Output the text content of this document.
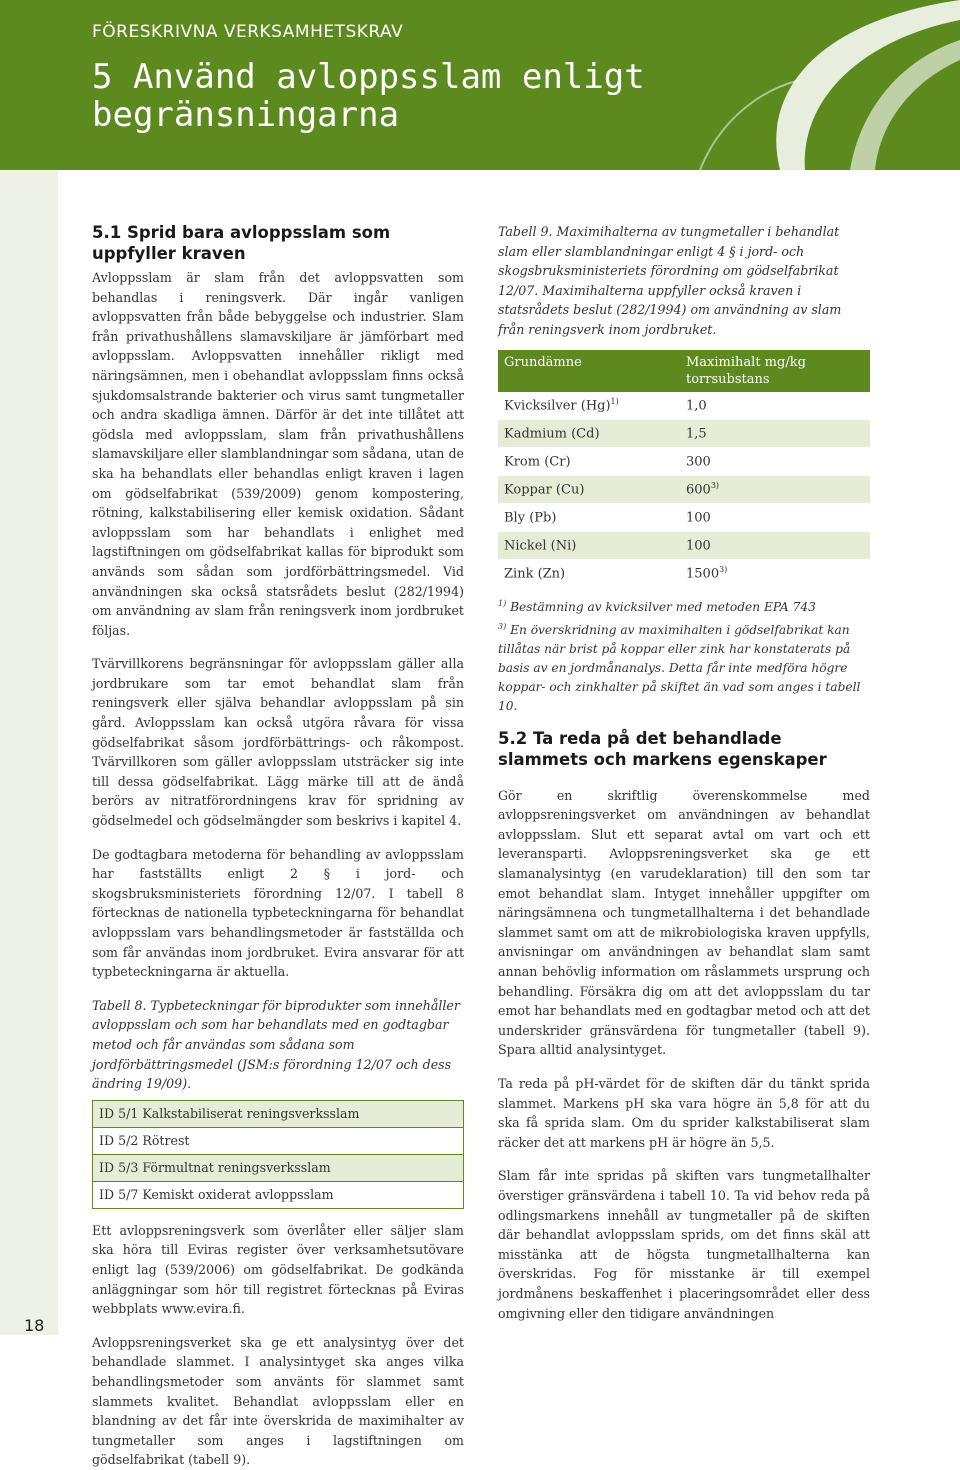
FÖRESKRIVNA VERKSAMHETSKRAV
5 Använd avloppsslam enligt begränsningarna
18
5.1 Sprid bara avloppsslam som uppfyller kraven

Avloppsslam är slam från det avloppsvatten som behandlas i reningsverk. Där ingår vanligen avloppsvatten från både bebyggelse och industrier. Slam från privathushållens slamavskiljare är jämförbart med avloppsslam. Avloppsvatten innehåller rikligt med näringsämnen, men i obehandlat avloppsslam finns också sjukdomsalstrande bakterier och virus samt tungmetaller och andra skadliga ämnen. Därför är det inte tillåtet att gödsla med avloppsslam, slam från privathushållens slamavskiljare eller slamblandningar som sådana, utan de ska ha behandlats eller behandlas enligt kraven i lagen om gödselfabrikat (539/2009) genom kompostering, rötning, kalkstabilisering eller kemisk oxidation. Sådant avloppsslam som har behandlats i enlighet med lagstiftningen om gödselfabrikat kallas för biprodukt som används som sådan som jordförbättringsmedel. Vid användningen ska också statsrådets beslut (282/1994) om användning av slam från reningsverk inom jordbruket följas.

Tvärvillkorens begränsningar för avloppsslam gäller alla jordbrukare som tar emot behandlat slam från reningsverk eller själva behandlar avloppsslam på sin gård. Avloppsslam kan också utgöra råvara för vissa gödselfabrikat såsom jordförbättrings- och råkompost. Tvärvillkoren som gäller avloppsslam utsträcker sig inte till dessa gödselfabrikat. Lägg märke till att de ändå berörs av nitratförordningens krav för spridning av gödselmedel och gödselmängder som beskrivs i kapitel 4.

De godtagbara metoderna för behandling av avloppsslam har fastställts enligt 2 § i jord- och skogsbruksministeriets förordning 12/07. I tabell 8 förtecknas de nationella typbeteckningarna för behandlat avloppsslam vars behandlingsmetoder är fastställda och som får användas inom jordbruket. Evira ansvarar för att typbeteckningarna är aktuella.

Tabell 8. Typbeteckningar för biprodukter som innehåller avloppsslam och som har behandlats med en godtagbar metod och får användas som sådana som jordförbättringsmedel (JSM:s förordning 12/07 och dess ändring 19/09).

ID 5/1 Kalkstabiliserat reningsverksslam
ID 5/2 Rötrest
ID 5/3 Förmultnat reningsverksslam
ID 5/7 Kemiskt oxiderat avloppsslam

Ett avloppsreningsverk som överlåter eller säljer slam ska höra till Eviras register över verksamhetsutövare enligt lag (539/2006) om gödselfabrikat. De godkända anläggningar som hör till registret förtecknas på Eviras webbplats www.evira.fi.

Avloppsreningsverket ska ge ett analysintyg över det behandlade slammet. I analysintyget ska anges vilka behandlingsmetoder som använts för slammet samt slammets kvalitet. Behandlat avloppsslam eller en blandning av det får inte överskrida de maximihalter av tungmetaller som anges i lagstiftningen om gödselfabrikat (tabell 9).

Tabell 9. Maximihalterna av tungmetaller i behandlat slam eller slamblandningar enligt 4 § i jord- och skogsbruksministeriets förordning om gödselfabrikat 12/07. Maximihalterna uppfyller också kraven i statsrådets beslut (282/1994) om användning av slam från reningsverk inom jordbruket.

Grundämne	Maximihalt mg/kg torrsubstans
Kvicksilver $(Hg)^{1)}$	1,0
Kadmium (Cd)	1,5
Krom (Cr)	300
Koppar (Cu)	600$^{3)}$
Bly (Pb)	100
Nickel (Ni)	100
Zink (Zn)	1500$^{3)}$

$^{1)}$ Bestämning av kvicksilver med metoden EPA 743

$^{3)}$ En överskridning av maximihalten i gödselfabrikat kan tillåtas när brist på koppar eller zink har konstaterats på basis av en jordmånanalys. Detta får inte medföra högre koppar- och zinkhalter på skiftet än vad som anges i tabell 10.

5.2 Ta reda på det behandlade slammets och markens egenskaper

Gör en skriftlig överenskommelse med avloppsreningsverket om användningen av behandlat avloppsslam. Slut ett separat avtal om vart och ett leveransparti. Avloppsreningsverket ska ge ett slamanalysintyg (en varudeklaration) till den som tar emot behandlat slam. Intyget innehåller uppgifter om näringsämnena och tungmetallhalterna i det behandlade slammet samt om att de mikrobiologiska kraven uppfylls, anvisningar om användningen av behandlat slam samt annan behövlig information om råslammets ursprung och behandling. Försäkra dig om att det avloppsslam du tar emot har behandlats med en godtagbar metod och att det underskrider gränsvärdena för tungmetaller (tabell 9). Spara alltid analysintyget.

Ta reda på pH-värdet för de skiften där du tänkt sprida slammet. Markens pH ska vara högre än 5,8 för att du ska få sprida slam. Om du sprider kalkstabiliserat slam räcker det att markens pH är högre än 5,5.

Slam får inte spridas på skiften vars tungmetallhalter överstiger gränsvärdena i tabell 10. Ta vid behov reda på odlingsmarkens innehåll av tungmetaller på de skiften där behandlat avloppsslam sprids, om det finns skäl att misstänka att de högsta tungmetallhalterna kan överskridas. Fog för misstanke är till exempel jordmånens beskaffenhet i placeringsområdet eller dess omgivning eller den tidigare användningen
